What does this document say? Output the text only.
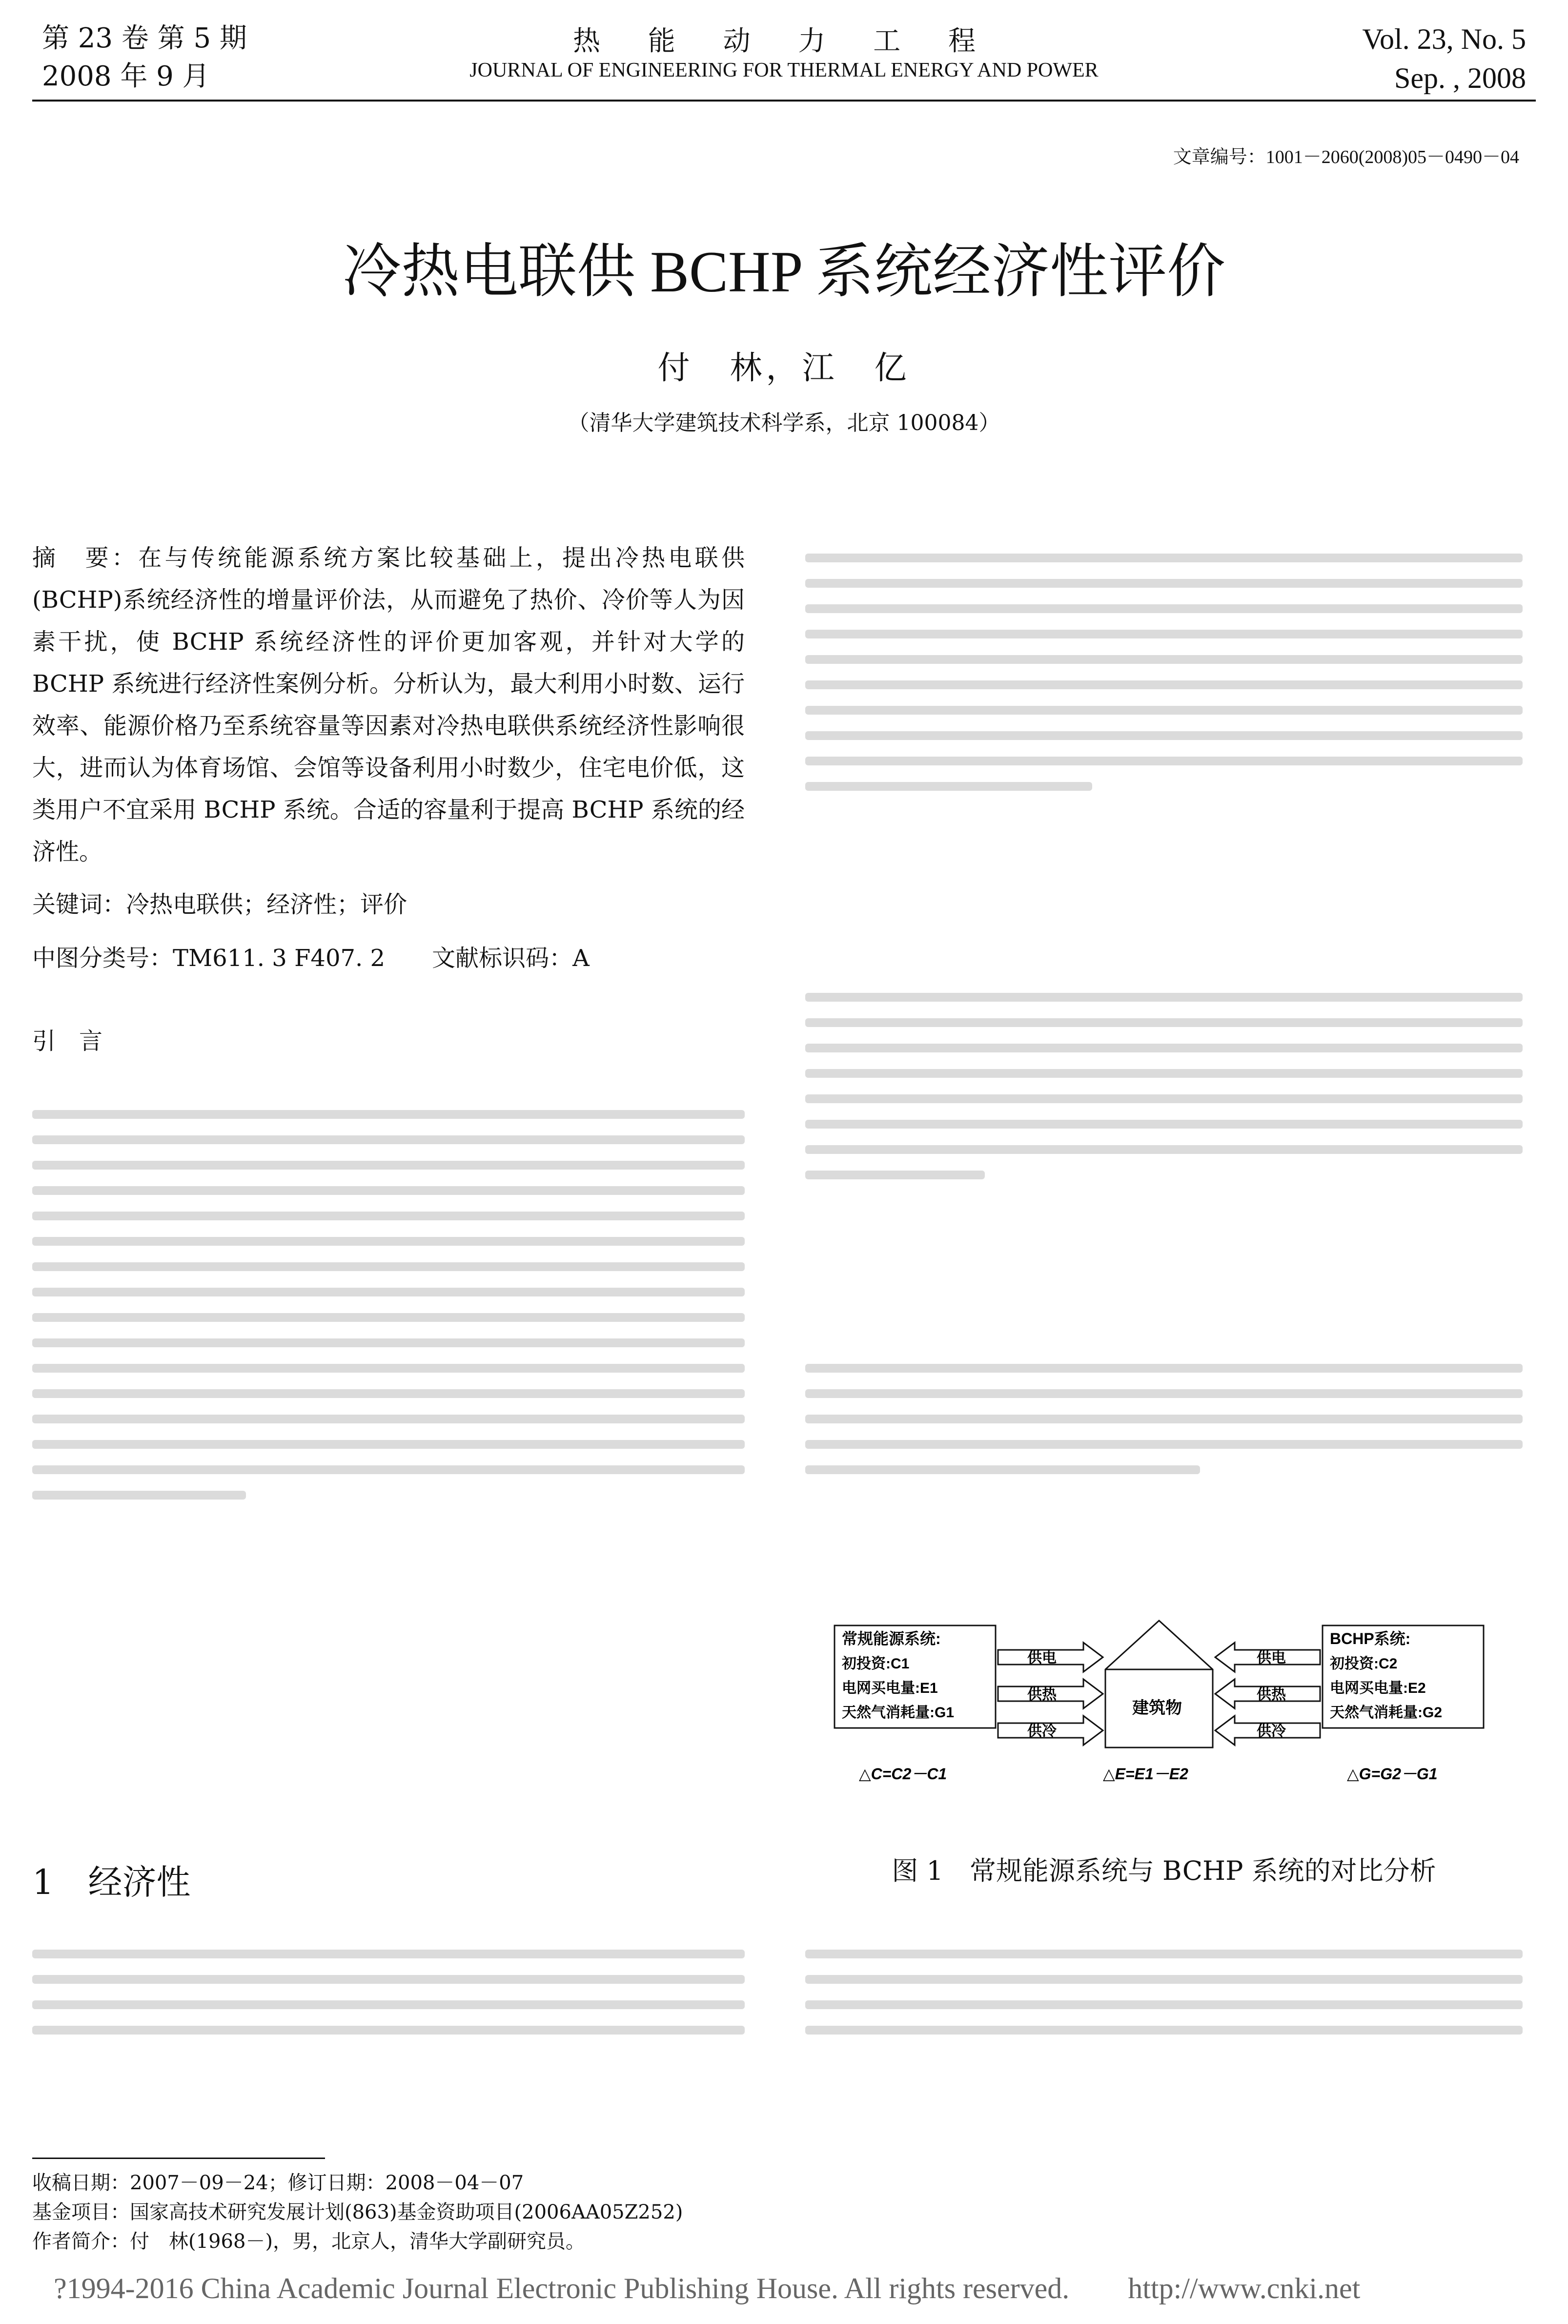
第 23 卷 第 5 期
2008 年 9 月
热 能 动 力 工 程
JOURNAL OF ENGINEERING FOR THERMAL ENERGY AND POWER
Vol. 23, No. 5
Sep. , 2008
文章编号：1001－2060(2008)05－0490－04
冷热电联供 BCHP 系统经济性评价
付　林，江　亿
（清华大学建筑技术科学系，北京 100084）
摘　要：在与传统能源系统方案比较基础上，提出冷热电联供(BCHP)系统经济性的增量评价法，从而避免了热价、冷价等人为因素干扰，使 BCHP 系统经济性的评价更加客观，并针对大学的 BCHP 系统进行经济性案例分析。分析认为，最大利用小时数、运行效率、能源价格乃至系统容量等因素对冷热电联供系统经济性影响很大，进而认为体育场馆、会馆等设备利用小时数少，住宅电价低，这类用户不宜采用 BCHP 系统。合适的容量利于提高 BCHP 系统的经济性。
关键词：冷热电联供；经济性；评价
中图分类号：TM611. 3 F407. 2　　文献标识码：A
引　言
1　经济性
常规能源系统:
初投资:C1
电网买电量:E1
天然气消耗量:G1
供电
供热
供冷
建筑物
供电
供热
供冷
BCHP系统:
初投资:C2
电网买电量:E2
天然气消耗量:G2
△C=C2－C1	△E=E1－E2	△G=G2－G1
图 1　常规能源系统与 BCHP 系统的对比分析
收稿日期：2007－09－24；修订日期：2008－04－07
基金项目：国家高技术研究发展计划(863)基金资助项目(2006AA05Z252)
作者简介：付　林(1968－)，男，北京人，清华大学副研究员。
?1994-2016 China Academic Journal Electronic Publishing House. All rights reserved.　　http://www.cnki.net
